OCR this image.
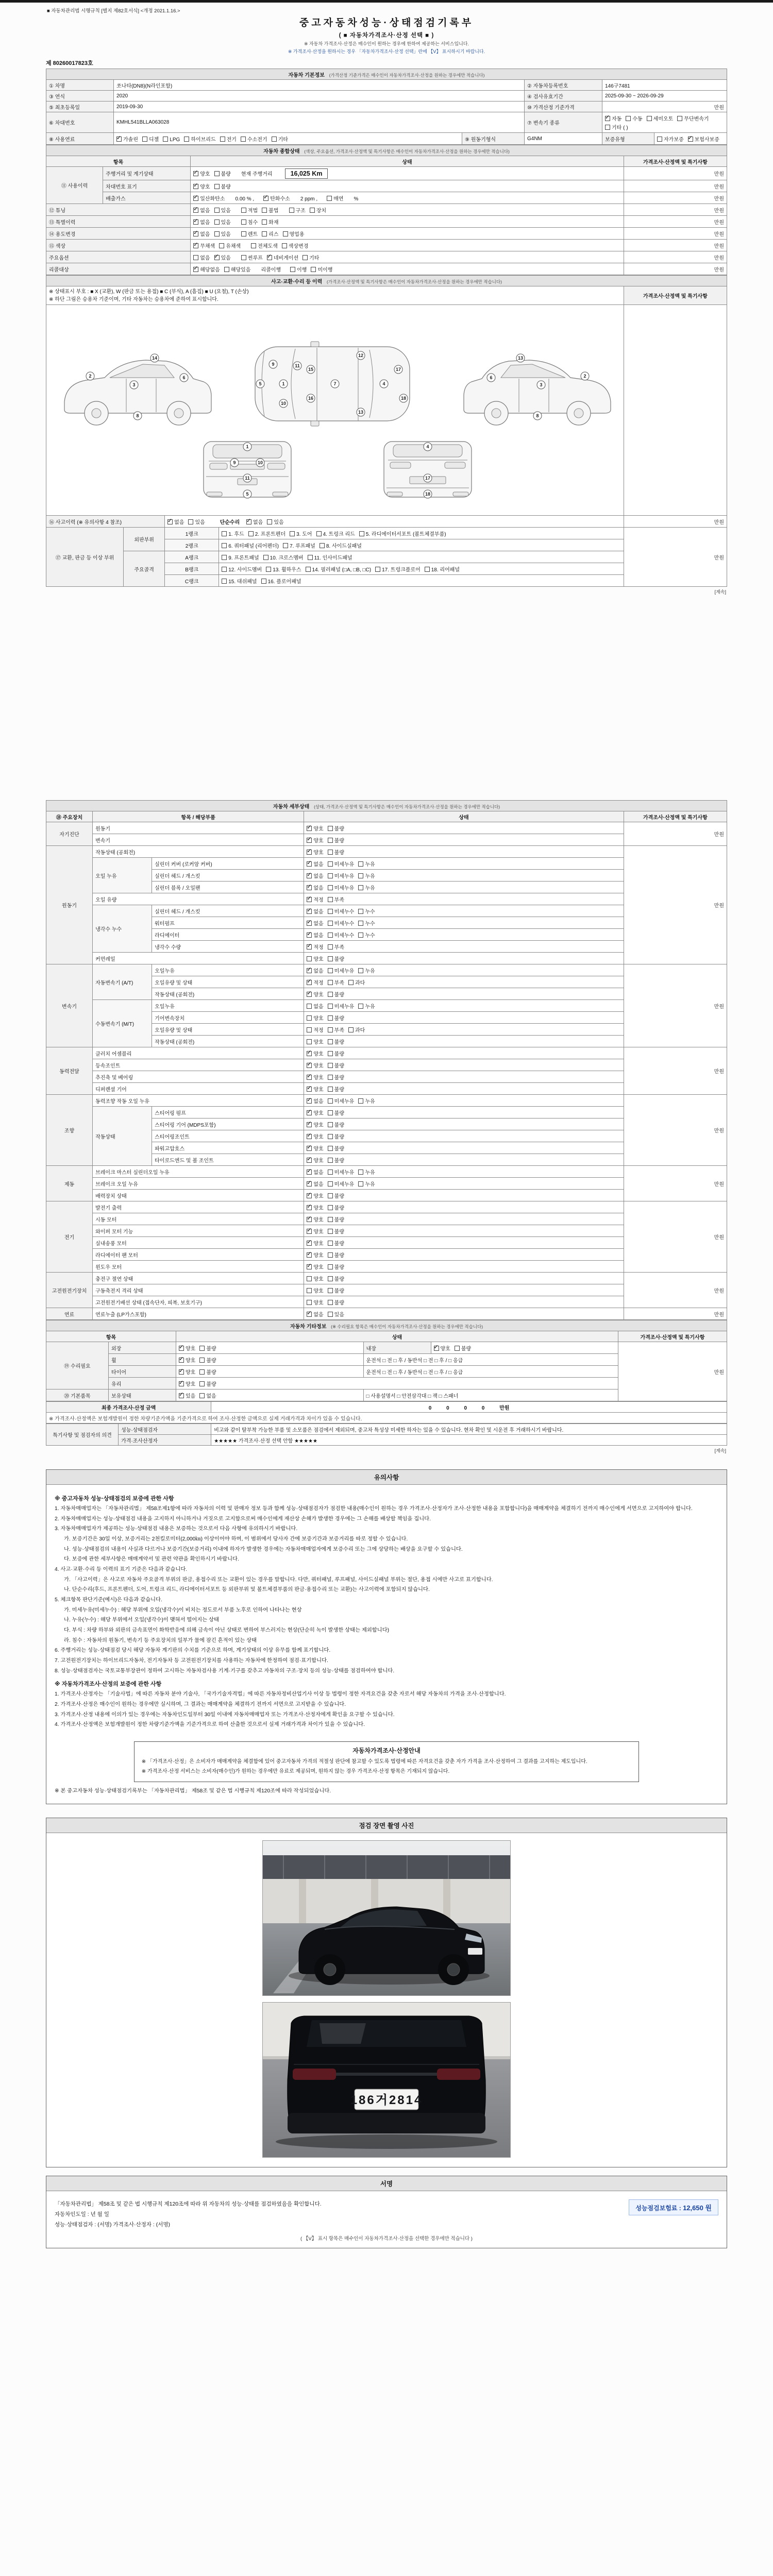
■ 자동차관리법 시행규칙 [별지 제82호서식] <개정 2021.1.16.>
중고자동차성능·상태점검기록부
( ■ 자동차가격조사·산정 선택 ■ )
※ 자동차 가격조사·산정은 매수인이 원하는 경우에 한하여 제공하는 서비스입니다.
※ 가격조사·산정을 원하시는 경우 「자동차가격조사·산정 선택」란에 【V】 표시하시기 바랍니다.
제 80260017823호
자동차 기본정보 (가격산정 기준가격은 매수인이 자동차가격조사·산정을 원하는 경우에만 적습니다)					
① 차명	쏘나타(DN8)(N라인포함)		② 자동차등록번호	146구7481	
③ 연식	2020		④ 검사유효기간	2025-09-30 ~ 2026-09-29	
⑤ 최초등록일	2019-09-30		⑩ 가격산정 기준가격	만원	
⑥ 차대번호	KMHL541BLLA063028		⑦ 변속기 종류	✓자동 수동 세미오토 무단변속기기타 ( )
⑧ 사용연료	✓가솔린 디젤 LPG 하이브리드 전기 수소전기 기타	⑨ 원동기형식	G4NM	보증유형	자가보증 ✓ 보험사보증
자동차 종합상태 (색상, 주요옵션, 가격조사·산정액 및 특기사항은 매수인이 자동차가격조사·산정을 원하는 경우에만 적습니다)			
항목		상태	가격조사·산정액 및 특기사항
⑪ 사용이력	주행거리 및 계기상태	✓양호 불량 현재 주행거리 16,025 Km	만원
	차대번호 표기	✓양호 불량	만원
	배출가스	✓일산화탄소 0.00 % , ✓ 탄화수소 2 ppm , 매연 %	만원
⑫ 튜닝	✓없음 있음 적법 불법 구조 장치	만원
⑬ 특별이력	✓없음 있음 침수 화재	만원
⑭ 용도변경	✓없음 있음 렌트 리스 영업용	만원
⑮ 색상	✓무채색 유채색 전체도색 색상변경	만원
주요옵션		없음 ✓ 있음 썬루프 ✓ 네비게이션 기타	만원
리콜대상	✓해당없음 해당있음 리콜이행 이행 미이행	만원
사고·교환·수리 등 이력 (가격조사·산정액 및 특기사항은 매수인이 자동차가격조사·산정을 원하는 경우에만 적습니다)				

※ 상태표시 부호 : ■ X (교환), W (판금 또는 용접) ■ C (부식), A (흠집) ■ U (요철), T (손상)
※ 하단 그림은 승용차 기준이며, 기타 자동차는 승용차에 준하여 표시합니다.				가격조사·산정액 및 특기사항

2
3
6
8
14
5	1
9
10
11
15
16
7
12
13
4
17
18
2
3
6
8
13
1
9	10
11
5
4
17
18

⑯ 사고이력 (※ 유의사항 4 참조)	✓없음 있음 단순수리 ✓ 없음 있음		만원
⑰ 교환, 판금 등 이상 부위	외판부위	1랭크	1. 후드 2. 프론트펜더 3. 도어 4. 트렁크 리드 5. 라디에이터서포트 (볼트체결부품)	만원
		2랭크	6. 쿼터패널 (리어펜더) 7. 루프패널 8. 사이드실패널	
	주요골격	A랭크	9. 프론트패널 10. 크로스멤버 11. 인사이드패널	
		B랭크	12. 사이드멤버 13. 휠하우스 14. 필러패널 (□A, □B, □C) 17. 트렁크플로어 18. 리어패널	
		C랭크	15. 대쉬패널 16. 플로어패널	
[계속]
자동차 세부상태 (상태, 가격조사·산정액 및 특기사항은 매수인이 자동차가격조사·산정을 원하는 경우에만 적습니다)				
⑱ 주요장치	항목 / 해당부품		상태	가격조사·산정액 및 특기사항
자기진단	원동기	✓양호 불량	만원
	변속기	✓양호 불량
원동기	작동상태 (공회전)	✓양호 불량	만원
	오일 누유	실린더 커버 (로커암 커버)	✓없음 미세누유 누유
		실린더 헤드 / 개스킷	✓없음 미세누유 누유
		실린더 블록 / 오일팬	✓없음 미세누유 누유
	오일 유량	✓적정 부족
	냉각수 누수	실린더 헤드 / 개스킷	✓없음 미세누수 누수
		워터펌프	✓없음 미세누수 누수
		라디에이터	✓없음 미세누수 누수
		냉각수 수량	✓적정 부족
	커먼레일		양호 불량	
변속기	자동변속기 (A/T)	오일누유	✓없음 미세누유 누유	만원
		오일유량 및 상태	✓적정 부족 과다
		작동상태 (공회전)	✓양호 불량
	수동변속기 (M/T)	오일누유	없음 미세누유 누유	
		기어변속장치	양호 불량	
		오일유량 및 상태	적정 부족 과다	
		작동상태 (공회전)	양호 불량	
동력전달	클러치 어셈블리	✓양호 불량	만원
	등속조인트	✓양호 불량
	추진축 및 베어링	✓양호 불량
	디퍼렌셜 기어	✓양호 불량
조향	동력조향 작동 오일 누유	✓없음 미세누유 누유	만원
	작동상태	스티어링 펌프	✓양호 불량
		스티어링 기어 (MDPS포함)	✓양호 불량
		스티어링조인트	✓양호 불량
		파워고압호스	✓양호 불량
		타이로드엔드 및 볼 조인트	✓양호 불량
제동	브레이크 마스터 실린더오일 누유	✓없음 미세누유 누유	만원
	브레이크 오일 누유	✓없음 미세누유 누유
	배력장치 상태	✓양호 불량
전기	발전기 출력	✓양호 불량	만원
	시동 모터	✓양호 불량
	와이퍼 모터 기능	✓양호 불량
	실내송풍 모터	✓양호 불량
	라디에이터 팬 모터	✓양호 불량
	윈도우 모터	✓양호 불량
고전원전기장치	충전구 절연 상태		양호 불량	만원
	구동축전지 격리 상태		양호 불량	
	고전원전기배선 상태 (접속단자, 피복, 보호기구)		양호 불량	
연료	연료누출 (LP가스포함)	✓없음 있음	만원
자동차 기타정보 (※ 수리필요 항목은 매수인이 자동차가격조사·산정을 원하는 경우에만 적습니다)					
항목		상태			가격조사·산정액 및 특기사항
⑲ 수리필요	외장	✓양호 불량	내장	✓양호 불량	만원
	휠	✓양호 불량	운전석 □ 전 □ 후 / 동반석 □ 전 □ 후 / □ 응급		
	타이어	✓양호 불량	운전석 □ 전 □ 후 / 동반석 □ 전 □ 후 / □ 응급		
	유리	✓양호 불량
⑳ 기본품목	보유상태	✓있음 없음	□ 사용설명서 □ 안전삼각대 □ 잭 □ 스패너		
최종 가격조사·산정 금액	0 0 0 0	만원
※ 가격조사·산정액은 보험개발원이 정한 차량기준가액을 기준가격으로 하여 조사·산정한 금액으로 실제 거래가격과 차이가 있을 수 있습니다.
특기사항 및 점검자의 의견	성능·상태점검자	비고와 같이 탈부착 가능한 부품 및 소모품은 점검에서 제외되며, 중고차 특성상 미세한 하자는 있을 수 있습니다. 현차 확인 및 시운전 후 거래하시기 바랍니다.
	가격·조사산정자	★★★★★ 가격조사·산정 선택 안함 ★★★★★
[계속]
유의사항
※ 중고자동차 성능·상태점검의 보증에 관한 사항
1. 자동차매매업자는 「자동차관리법」 제58조제1항에 따라 자동차의 이력 및 판매자 정보 등과 함께 성능·상태점검자가 점검한 내용(매수인이 원하는 경우 가격조사·산정자가 조사·산정한 내용을 포함합니다)을 매매계약을 체결하기 전까지 매수인에게 서면으로 고지하여야 합니다.
2. 자동차매매업자는 성능·상태점검 내용을 고지하지 아니하거나 거짓으로 고지함으로써 매수인에게 재산상 손해가 발생한 경우에는 그 손해를 배상할 책임을 집니다.
3. 자동차매매업자가 제공하는 성능·상태점검 내용은 보증하는 것으로서 다음 사항에 유의하시기 바랍니다.
가. 보증기간은 30일 이상, 보증거리는 2천킬로미터(2,000㎞) 이상이어야 하며, 이 범위에서 당사자 간에 보증기간과 보증거리를 따로 정할 수 있습니다.
나. 성능·상태점검의 내용이 사실과 다르거나 보증기간(보증거리) 이내에 하자가 발생한 경우에는 자동차매매업자에게 보증수리 또는 그에 상당하는 배상을 요구할 수 있습니다.
다. 보증에 관한 세부사항은 매매계약서 및 관련 약관을 확인하시기 바랍니다.
4. 사고·교환·수리 등 이력의 표기 기준은 다음과 같습니다.
가. 「사고이력」은 사고로 자동차 주요골격 부위의 판금, 용접수리 또는 교환이 있는 경우를 말합니다. 다만, 쿼터패널, 루프패널, 사이드실패널 부위는 절단, 용접 시에만 사고로 표기합니다.
나. 단순수리(후드, 프론트펜더, 도어, 트렁크 리드, 라디에이터서포트 등 외판부위 및 볼트체결부품의 판금·용접수리 또는 교환)는 사고이력에 포함되지 않습니다.
5. 체크항목 판단기준(예시)은 다음과 같습니다.
가. 미세누유(미세누수) : 해당 부위에 오일(냉각수)이 비치는 정도로서 부품 노후로 인하여 나타나는 현상
나. 누유(누수) : 해당 부위에서 오일(냉각수)이 맺혀서 떨어지는 상태
다. 부식 : 차량 하부와 외판의 금속표면이 화학반응에 의해 금속이 아닌 상태로 변하여 부스러지는 현상(단순히 녹이 발생한 상태는 제외합니다)
라. 침수 : 자동차의 원동기, 변속기 등 주요장치의 일부가 물에 잠긴 흔적이 있는 상태
6. 주행거리는 성능·상태점검 당시 해당 자동차 계기판의 수치를 기준으로 하며, 계기상태의 이상 유무를 함께 표기합니다.
7. 고전원전기장치는 하이브리드자동차, 전기자동차 등 고전원전기장치를 사용하는 자동차에 한정하여 점검·표기합니다.
8. 성능·상태점검자는 국토교통부장관이 정하여 고시하는 자동차검사용 기계·기구를 갖추고 자동차의 구조·장치 등의 성능·상태를 점검하여야 합니다.
※ 자동차가격조사·산정의 보증에 관한 사항
1. 가격조사·산정자는 「기술사법」에 따른 자동차 분야 기술사, 「국가기술자격법」에 따른 자동차정비산업기사 이상 등 법령이 정한 자격요건을 갖춘 자로서 해당 자동차의 가격을 조사·산정합니다.
2. 가격조사·산정은 매수인이 원하는 경우에만 실시하며, 그 결과는 매매계약을 체결하기 전까지 서면으로 고지받을 수 있습니다.
3. 가격조사·산정 내용에 이의가 있는 경우에는 자동차인도일부터 30일 이내에 자동차매매업자 또는 가격조사·산정자에게 확인을 요구할 수 있습니다.
4. 가격조사·산정액은 보험개발원이 정한 차량기준가액을 기준가격으로 하여 산출한 것으로서 실제 거래가격과 차이가 있을 수 있습니다.
자동차가격조사·산정안내
※ 「가격조사·산정」은 소비자가 매매계약을 체결함에 있어 중고자동차 가격의 적절성 판단에 참고할 수 있도록 법령에 따른 자격요건을 갖춘 자가 가격을 조사·산정하여 그 결과를 고지하는 제도입니다.
※ 가격조사·산정 서비스는 소비자(매수인)가 원하는 경우에만 유료로 제공되며, 원하지 않는 경우 가격조사·산정 항목은 기재되지 않습니다.
※ 본 중고자동차 성능·상태점검기록부는 「자동차관리법」 제58조 및 같은 법 시행규칙 제120조에 따라 작성되었습니다.
점검 장면 촬영 사진
186거2814
서명
「자동차관리법」 제58조 및 같은 법 시행규칙 제120조에 따라 위 자동차의 성능·상태를 점검하였음을 확인합니다.
자동차인도일 : 년 월 일
성능·상태점검자 : (서명) 가격조사·산정자 : (서명)
성능점검보험료 : 12,650 원
( 【V】 표시 항목은 매수인이 자동차가격조사·산정을 선택한 경우에만 적습니다 )
